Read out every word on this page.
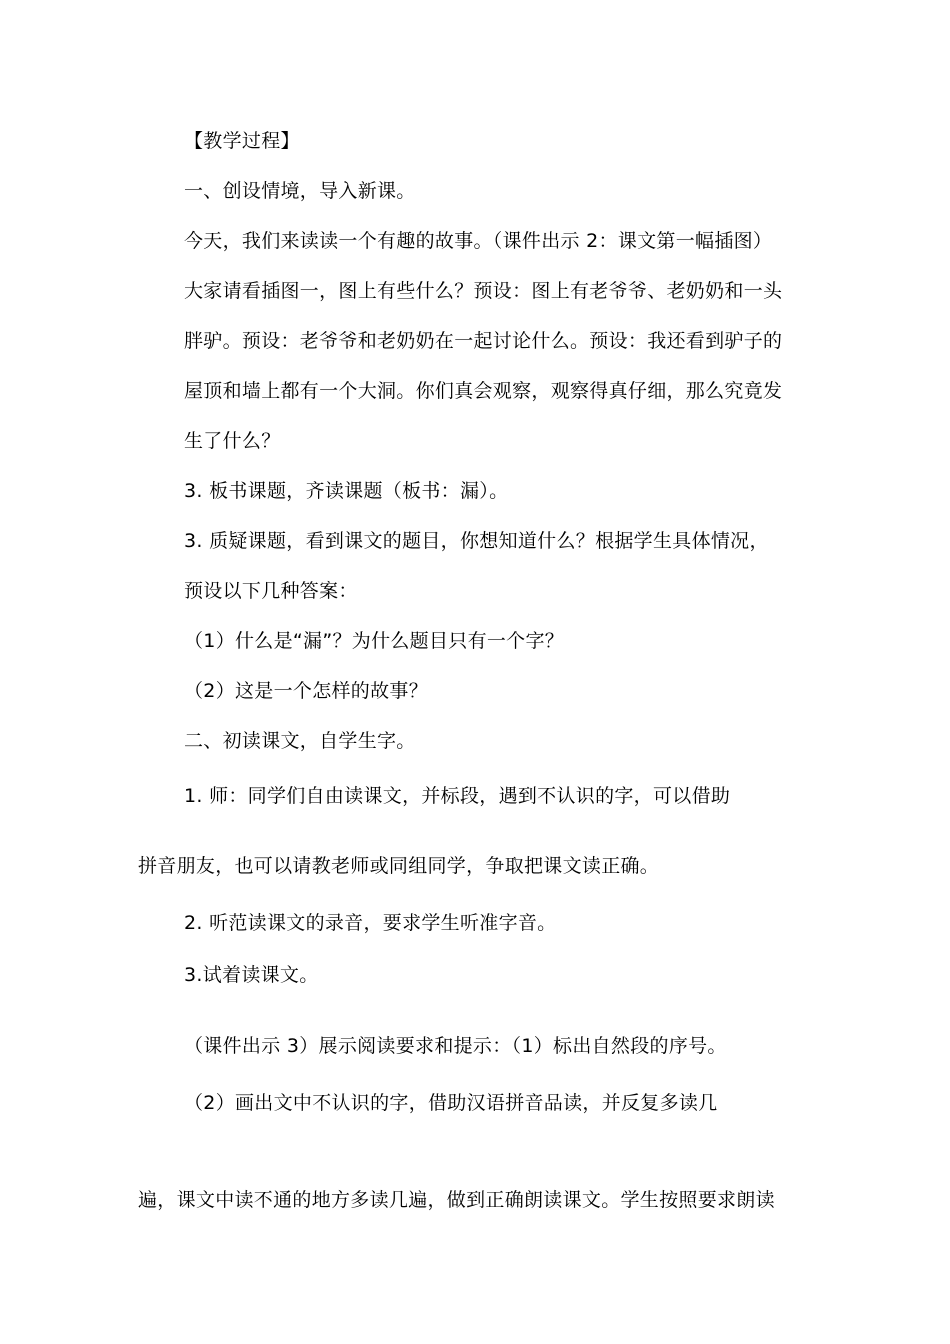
【教学过程】
一、创设情境，导入新课。
今天，我们来读读一个有趣的故事。（课件出示 2：课文第一幅插图）
大家请看插图一，图上有些什么？预设：图上有老爷爷、老奶奶和一头
胖驴。预设：老爷爷和老奶奶在一起讨论什么。预设：我还看到驴子的
屋顶和墙上都有一个大洞。你们真会观察，观察得真仔细，那么究竟发
生了什么？
3. 板书课题，齐读课题（板书：漏）。
3. 质疑课题，看到课文的题目，你想知道什么？根据学生具体情况，
预设以下几种答案：
（1）什么是“漏”？为什么题目只有一个字？
（2）这是一个怎样的故事？
二、初读课文，自学生字。
1. 师：同学们自由读课文，并标段，遇到不认识的字，可以借助
拼音朋友，也可以请教老师或同组同学，争取把课文读正确。
2. 听范读课文的录音，要求学生听准字音。
3.试着读课文。
（课件出示 3）展示阅读要求和提示：（1）标出自然段的序号。
（2）画出文中不认识的字，借助汉语拼音品读，并反复多读几
遍，课文中读不通的地方多读几遍，做到正确朗读课文。学生按照要求朗读
